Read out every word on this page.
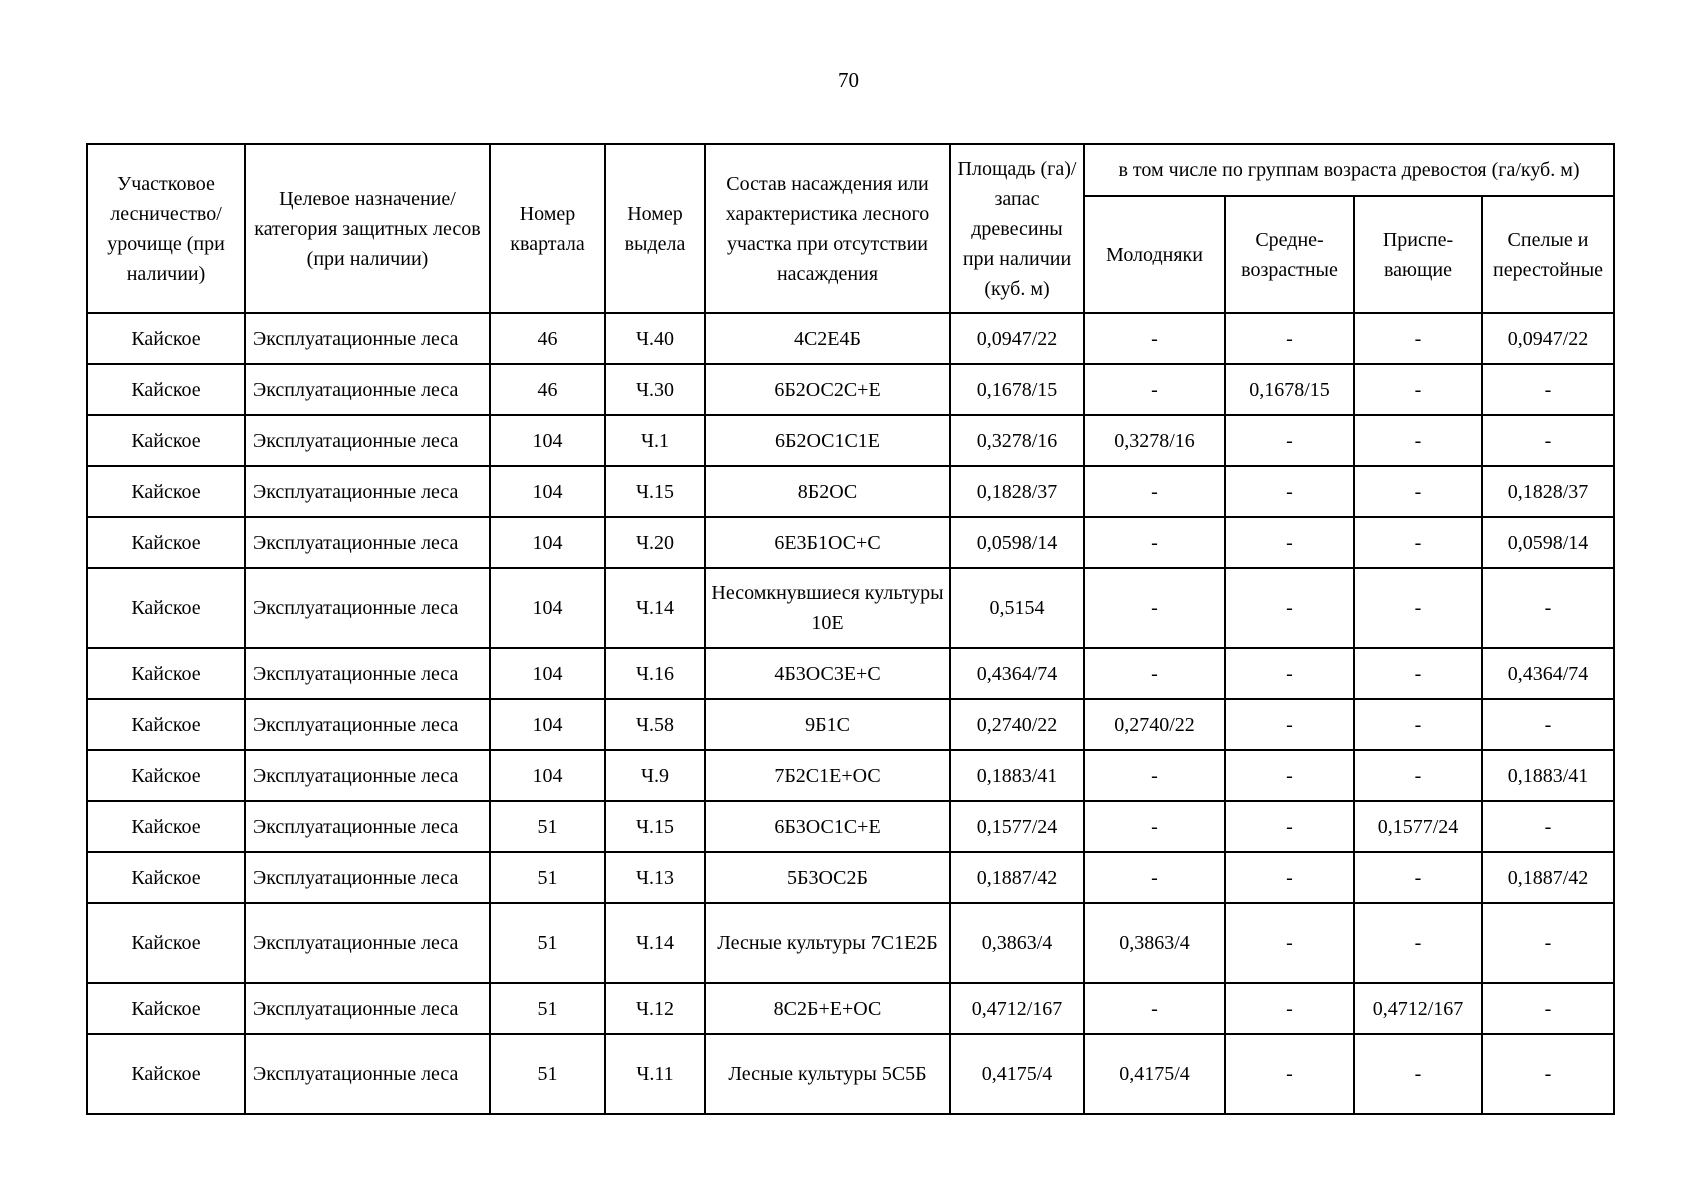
70
Участковое лесничество/ урочище (при наличии)	Целевое назначение/ категория защитных лесов (при наличии)	Номер квартала	Номер выдела	Состав насаждения или характеристика лесного участка при отсутствии насаждения	Площадь (га)/ запас древесины при наличии (куб. м)	в том числе по группам возраста древостоя (га/куб. м)			
						Молодняки	Средне-возрастные	Приспе-вающие	Спелые и перестойные
Кайское	Эксплуатационные леса	46	Ч.40	4С2Е4Б	0,0947/22	-	-	-	0,0947/22
Кайское	Эксплуатационные леса	46	Ч.30	6Б2ОС2С+Е	0,1678/15	-	0,1678/15	-	-
Кайское	Эксплуатационные леса	104	Ч.1	6Б2ОС1С1Е	0,3278/16	0,3278/16	-	-	-
Кайское	Эксплуатационные леса	104	Ч.15	8Б2ОС	0,1828/37	-	-	-	0,1828/37
Кайское	Эксплуатационные леса	104	Ч.20	6Е3Б1ОС+С	0,0598/14	-	-	-	0,0598/14
Кайское	Эксплуатационные леса	104	Ч.14	Несомкнувшиеся культуры 10Е	0,5154	-	-	-	-
Кайское	Эксплуатационные леса	104	Ч.16	4Б3ОС3Е+С	0,4364/74	-	-	-	0,4364/74
Кайское	Эксплуатационные леса	104	Ч.58	9Б1С	0,2740/22	0,2740/22	-	-	-
Кайское	Эксплуатационные леса	104	Ч.9	7Б2С1Е+ОС	0,1883/41	-	-	-	0,1883/41
Кайское	Эксплуатационные леса	51	Ч.15	6Б3ОС1С+Е	0,1577/24	-	-	0,1577/24	-
Кайское	Эксплуатационные леса	51	Ч.13	5Б3ОС2Б	0,1887/42	-	-	-	0,1887/42
Кайское	Эксплуатационные леса	51	Ч.14	Лесные культуры 7С1Е2Б	0,3863/4	0,3863/4	-	-	-
Кайское	Эксплуатационные леса	51	Ч.12	8С2Б+Е+ОС	0,4712/167	-	-	0,4712/167	-
Кайское	Эксплуатационные леса	51	Ч.11	Лесные культуры 5С5Б	0,4175/4	0,4175/4	-	-	-
